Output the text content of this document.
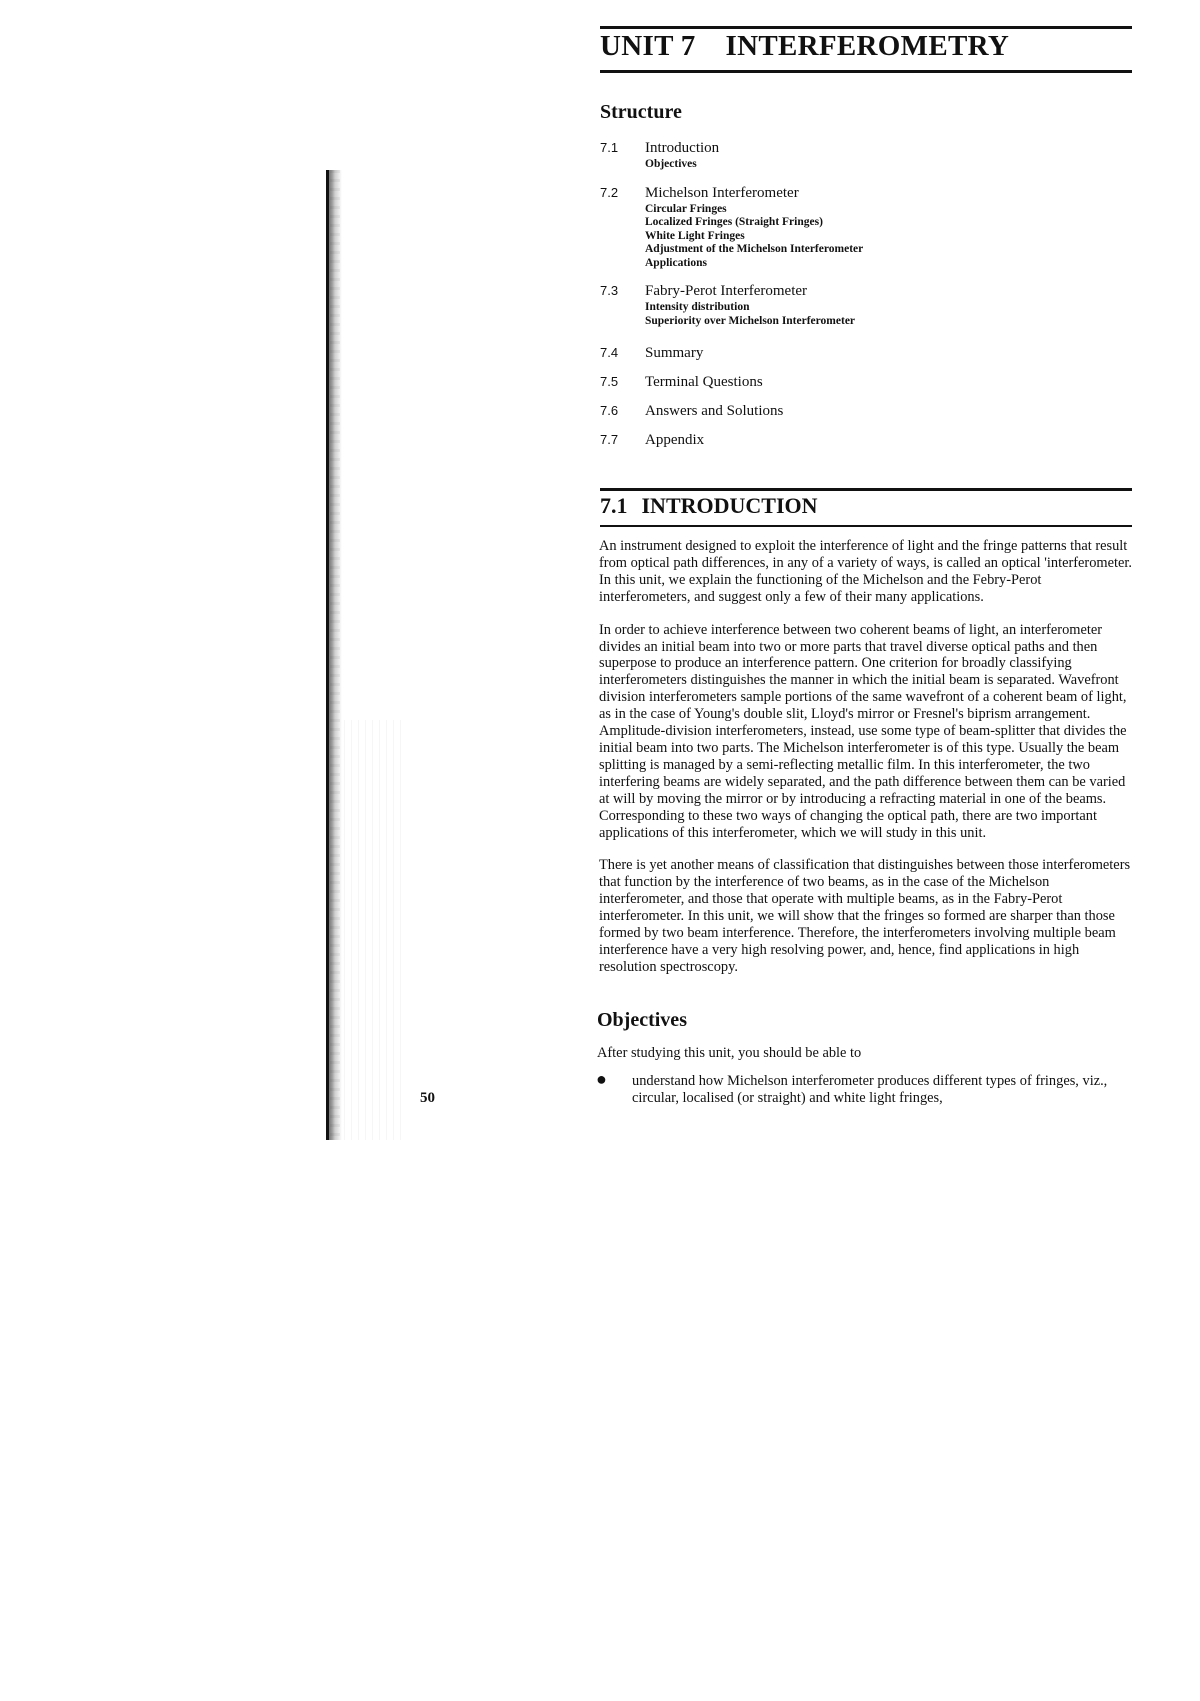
UNIT 7 INTERFEROMETRY
Structure
7.1 Introduction
Objectives
7.2 Michelson Interferometer
Circular Fringes
Localized Fringes (Straight Fringes)
White Light Fringes
Adjustment of the Michelson Interferometer
Applications
7.3 Fabry-Perot Interferometer
Intensity distribution
Superiority over Michelson Interferometer
7.4 Summary
7.5 Terminal Questions
7.6 Answers and Solutions
7.7 Appendix
7.1 INTRODUCTION

An instrument designed to exploit the interference of light and the fringe patterns that result from optical path differences, in any of a variety of ways, is called an optical 'interferometer. In this unit, we explain the functioning of the Michelson and the Febry-Perot interferometers, and suggest only a few of their many applications.

In order to achieve interference between two coherent beams of light, an interferometer divides an initial beam into two or more parts that travel diverse optical paths and then superpose to produce an interference pattern. One criterion for broadly classifying interferometers distinguishes the manner in which the initial beam is separated. Wavefront division interferometers sample portions of the same wavefront of a coherent beam of light, as in the case of Young's double slit, Lloyd's mirror or Fresnel's biprism arrangement. Amplitude-division interferometers, instead, use some type of beam-splitter that divides the initial beam into two parts. The Michelson interferometer is of this type. Usually the beam splitting is managed by a semi-reflecting metallic film. In this interferometer, the two interfering beams are widely separated, and the path difference between them can be varied at will by moving the mirror or by introducing a refracting material in one of the beams. Corresponding to these two ways of changing the optical path, there are two important applications of this interferometer, which we will study in this unit.

There is yet another means of classification that distinguishes between those interferometers that function by the interference of two beams, as in the case of the Michelson interferometer, and those that operate with multiple beams, as in the Fabry-Perot interferometer. In this unit, we will show that the fringes so formed are sharper than those formed by two beam interference. Therefore, the interferometers involving multiple beam interference have a very high resolving power, and, hence, find applications in high resolution spectroscopy.

Objectives
After studying this unit, you should be able to
● understand how Michelson interferometer produces different types of fringes, viz., circular, localised (or straight) and white light fringes,
50
